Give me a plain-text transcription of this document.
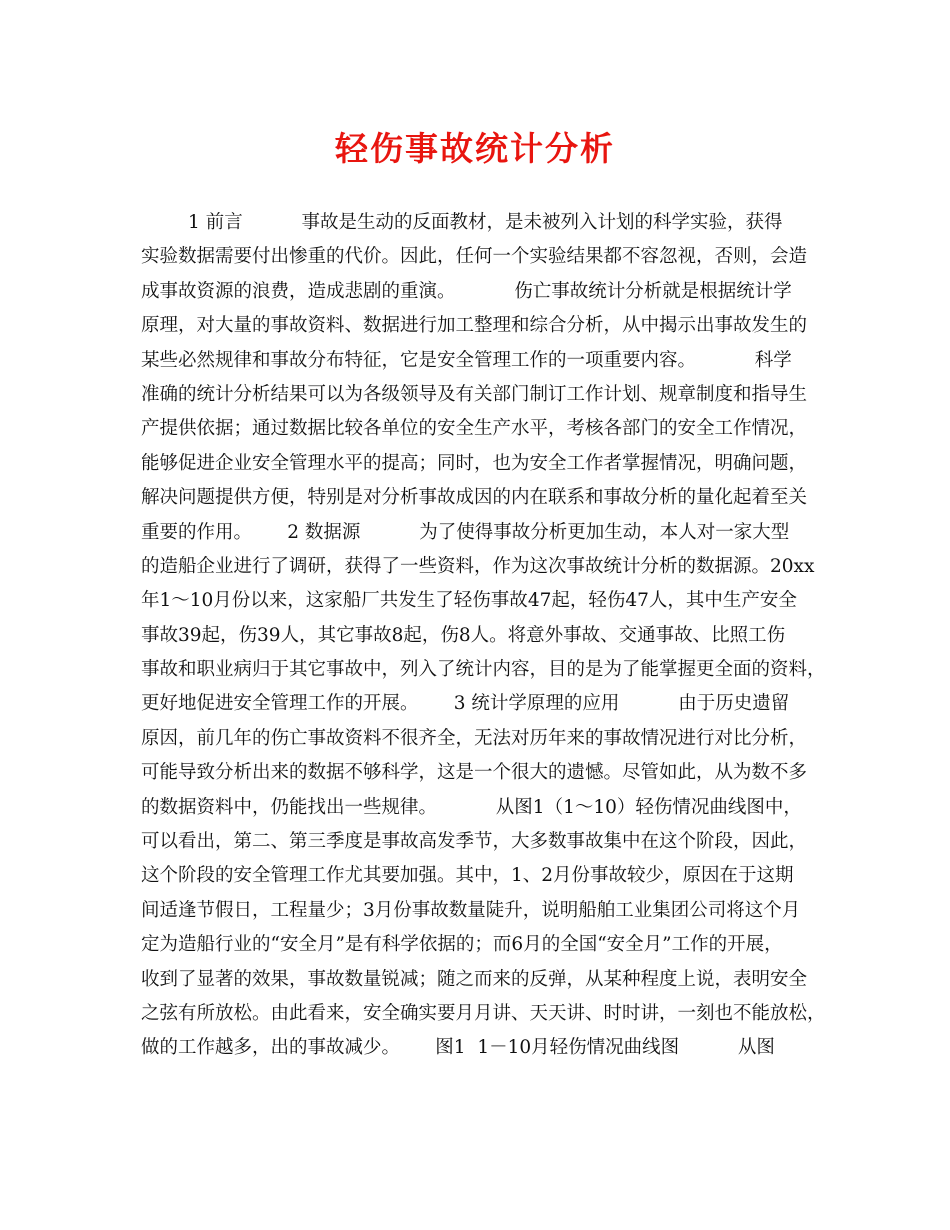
轻伤事故统计分析
1 前言          事故是生动的反面教材，是未被列入计划的科学实验，获得
实验数据需要付出惨重的代价。因此，任何一个实验结果都不容忽视，否则，会造
成事故资源的浪费，造成悲剧的重演。          伤亡事故统计分析就是根据统计学
原理，对大量的事故资料、数据进行加工整理和综合分析，从中揭示出事故发生的
某些必然规律和事故分布特征，它是安全管理工作的一项重要内容。          科学
准确的统计分析结果可以为各级领导及有关部门制订工作计划、规章制度和指导生
产提供依据；通过数据比较各单位的安全生产水平，考核各部门的安全工作情况，
能够促进企业安全管理水平的提高；同时，也为安全工作者掌握情况，明确问题，
解决问题提供方便，特别是对分析事故成因的内在联系和事故分析的量化起着至关
重要的作用。      2 数据源          为了使得事故分析更加生动，本人对一家大型
的造船企业进行了调研，获得了一些资料，作为这次事故统计分析的数据源。20xx
年1～10月份以来，这家船厂共发生了轻伤事故47起，轻伤47人，其中生产安全
事故39起，伤39人，其它事故8起，伤8人。将意外事故、交通事故、比照工伤
事故和职业病归于其它事故中，列入了统计内容，目的是为了能掌握更全面的资料，
更好地促进安全管理工作的开展。      3 统计学原理的应用          由于历史遗留
原因，前几年的伤亡事故资料不很齐全，无法对历年来的事故情况进行对比分析，
可能导致分析出来的数据不够科学，这是一个很大的遗憾。尽管如此，从为数不多
的数据资料中，仍能找出一些规律。          从图1（1～10）轻伤情况曲线图中，
可以看出，第二、第三季度是事故高发季节，大多数事故集中在这个阶段，因此，
这个阶段的安全管理工作尤其要加强。其中，1、2月份事故较少，原因在于这期
间适逢节假日，工程量少；3月份事故数量陡升，说明船舶工业集团公司将这个月
定为造船行业的“安全月”是有科学依据的；而6月的全国“安全月”工作的开展，
收到了显著的效果，事故数量锐减；随之而来的反弹，从某种程度上说，表明安全
之弦有所放松。由此看来，安全确实要月月讲、天天讲、时时讲，一刻也不能放松，
做的工作越多，出的事故减少。      图1  1－10月轻伤情况曲线图          从图
